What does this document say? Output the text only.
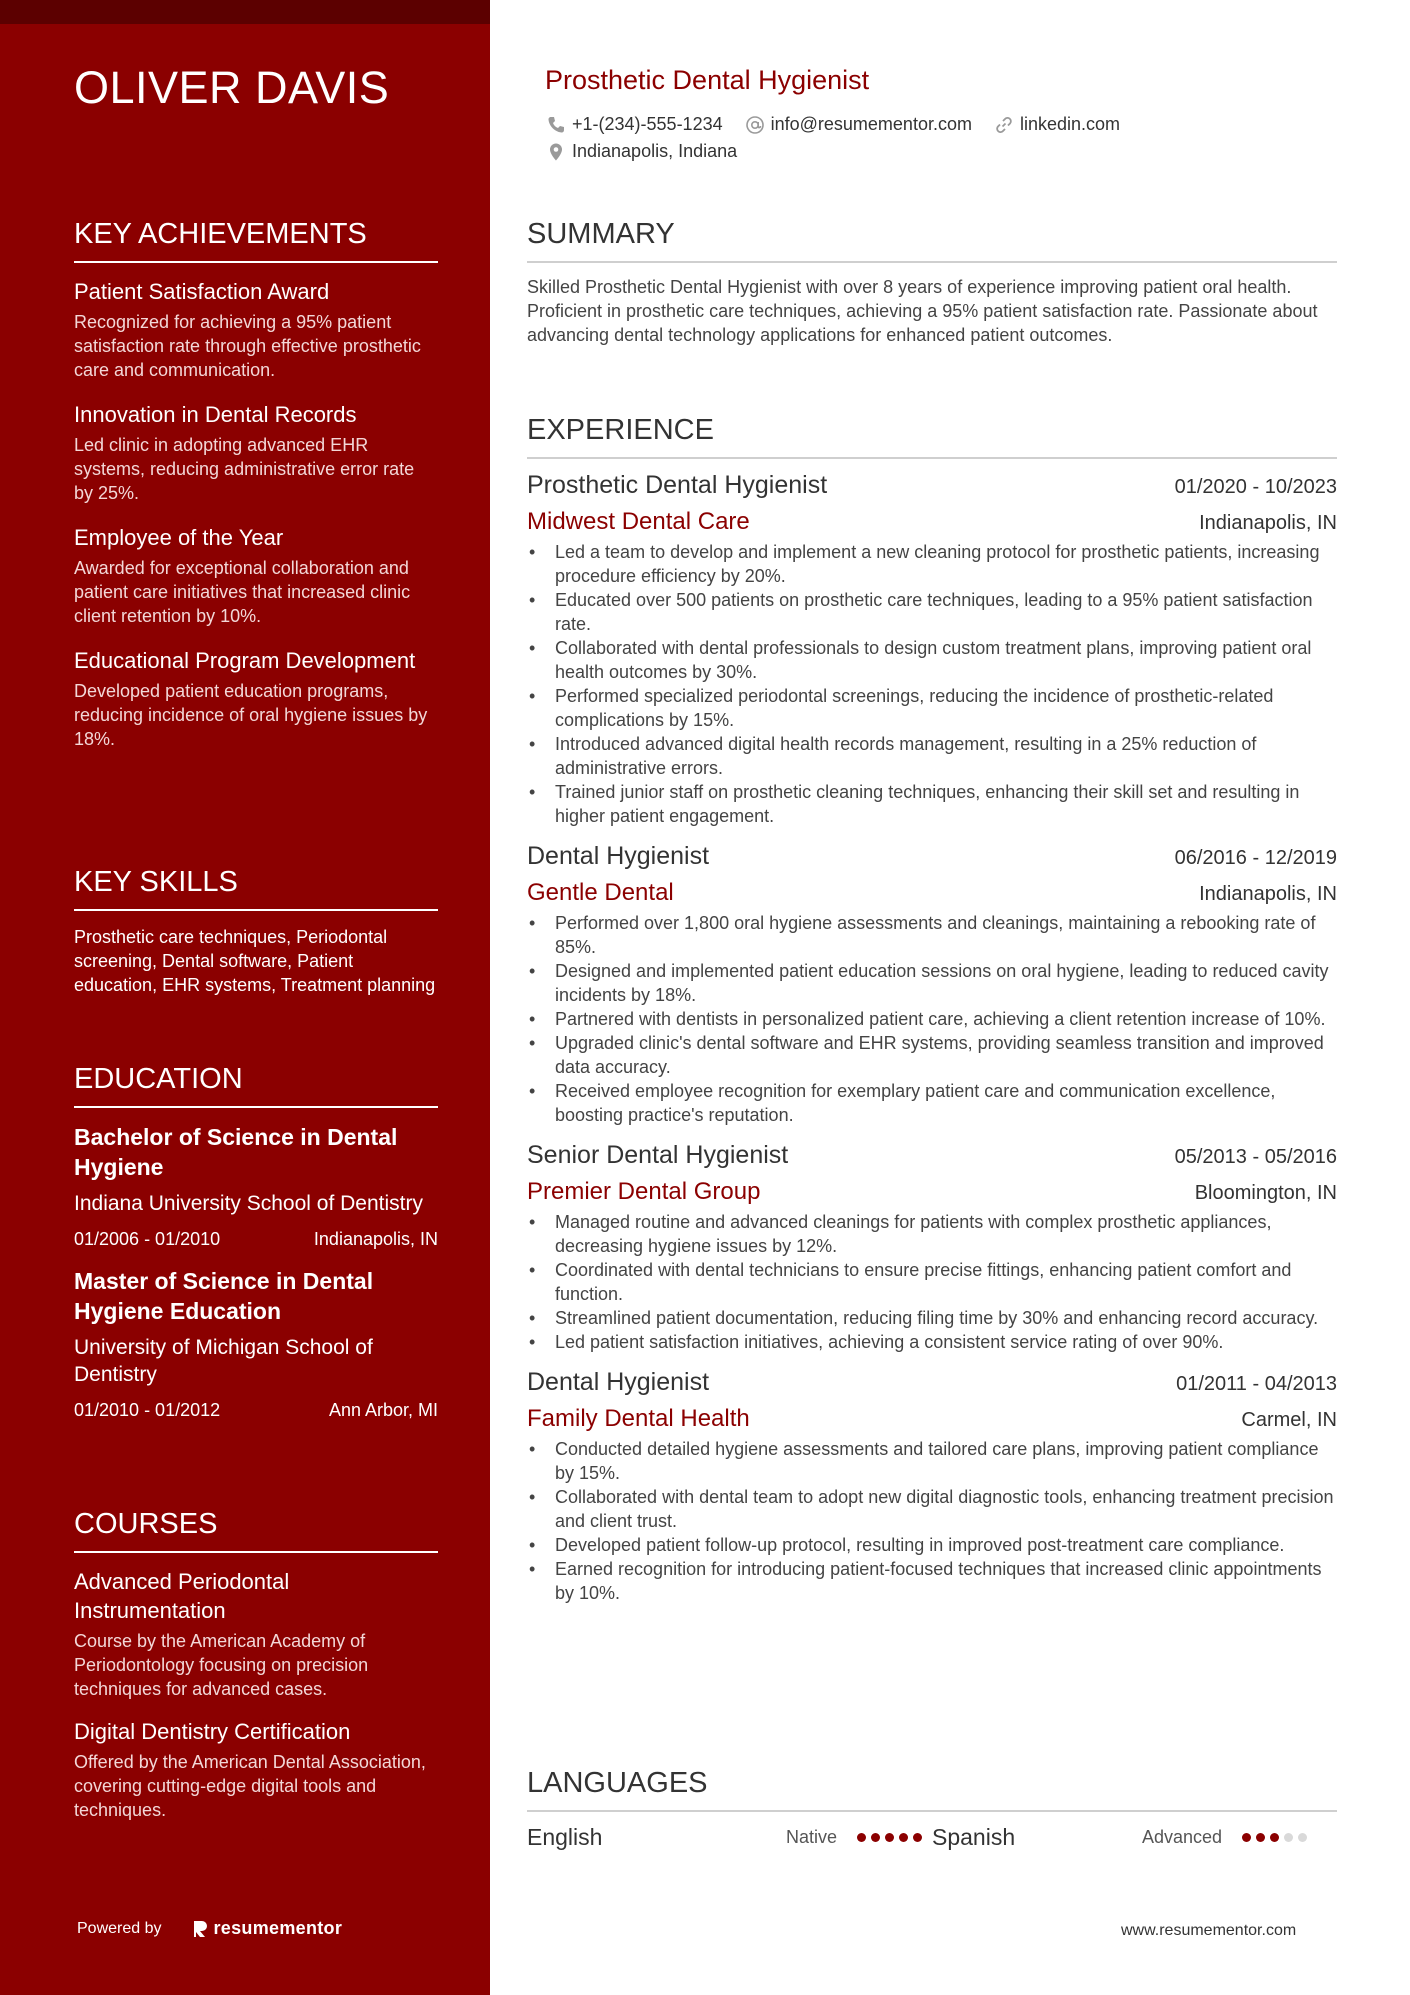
OLIVER DAVIS
KEY ACHIEVEMENTS
Patient Satisfaction Award
Recognized for achieving a 95% patient satisfaction rate through effective prosthetic care and communication.
Innovation in Dental Records
Led clinic in adopting advanced EHR systems, reducing administrative error rate by 25%.
Employee of the Year
Awarded for exceptional collaboration and patient care initiatives that increased clinic client retention by 10%.
Educational Program Development
Developed patient education programs, reducing incidence of oral hygiene issues by 18%.
KEY SKILLS
Prosthetic care techniques, Periodontal screening, Dental software, Patient education, EHR systems, Treatment planning
EDUCATION
Bachelor of Science in Dental Hygiene
Indiana University School of Dentistry
01/2006 - 01/2010	Indianapolis, IN
Master of Science in Dental Hygiene Education
University of Michigan School of Dentistry
01/2010 - 01/2012	Ann Arbor, MI
COURSES
Advanced Periodontal Instrumentation
Course by the American Academy of Periodontology focusing on precision techniques for advanced cases.
Digital Dentistry Certification
Offered by the American Dental Association, covering cutting-edge digital tools and techniques.
Powered by	resumementor
Prosthetic Dental Hygienist
+1-(234)-555-1234	info@resumementor.com	linkedin.com
Indianapolis, Indiana
SUMMARY
Skilled Prosthetic Dental Hygienist with over 8 years of experience improving patient oral health. Proficient in prosthetic care techniques, achieving a 95% patient satisfaction rate. Passionate about advancing dental technology applications for enhanced patient outcomes.
EXPERIENCE
Prosthetic Dental Hygienist	01/2020 - 10/2023
Midwest Dental Care	Indianapolis, IN
• Led a team to develop and implement a new cleaning protocol for prosthetic patients, increasing procedure efficiency by 20%.
• Educated over 500 patients on prosthetic care techniques, leading to a 95% patient satisfaction rate.
• Collaborated with dental professionals to design custom treatment plans, improving patient oral health outcomes by 30%.
• Performed specialized periodontal screenings, reducing the incidence of prosthetic-related complications by 15%.
• Introduced advanced digital health records management, resulting in a 25% reduction of administrative errors.
• Trained junior staff on prosthetic cleaning techniques, enhancing their skill set and resulting in higher patient engagement.
Dental Hygienist	06/2016 - 12/2019
Gentle Dental	Indianapolis, IN
• Performed over 1,800 oral hygiene assessments and cleanings, maintaining a rebooking rate of 85%.
• Designed and implemented patient education sessions on oral hygiene, leading to reduced cavity incidents by 18%.
• Partnered with dentists in personalized patient care, achieving a client retention increase of 10%.
• Upgraded clinic's dental software and EHR systems, providing seamless transition and improved data accuracy.
• Received employee recognition for exemplary patient care and communication excellence, boosting practice's reputation.
Senior Dental Hygienist	05/2013 - 05/2016
Premier Dental Group	Bloomington, IN
• Managed routine and advanced cleanings for patients with complex prosthetic appliances, decreasing hygiene issues by 12%.
• Coordinated with dental technicians to ensure precise fittings, enhancing patient comfort and function.
• Streamlined patient documentation, reducing filing time by 30% and enhancing record accuracy.
• Led patient satisfaction initiatives, achieving a consistent service rating of over 90%.
Dental Hygienist	01/2011 - 04/2013
Family Dental Health	Carmel, IN
• Conducted detailed hygiene assessments and tailored care plans, improving patient compliance by 15%.
• Collaborated with dental team to adopt new digital diagnostic tools, enhancing treatment precision and client trust.
• Developed patient follow-up protocol, resulting in improved post-treatment care compliance.
• Earned recognition for introducing patient-focused techniques that increased clinic appointments by 10%.
LANGUAGES
English	Native	Spanish	Advanced
www.resumementor.com
